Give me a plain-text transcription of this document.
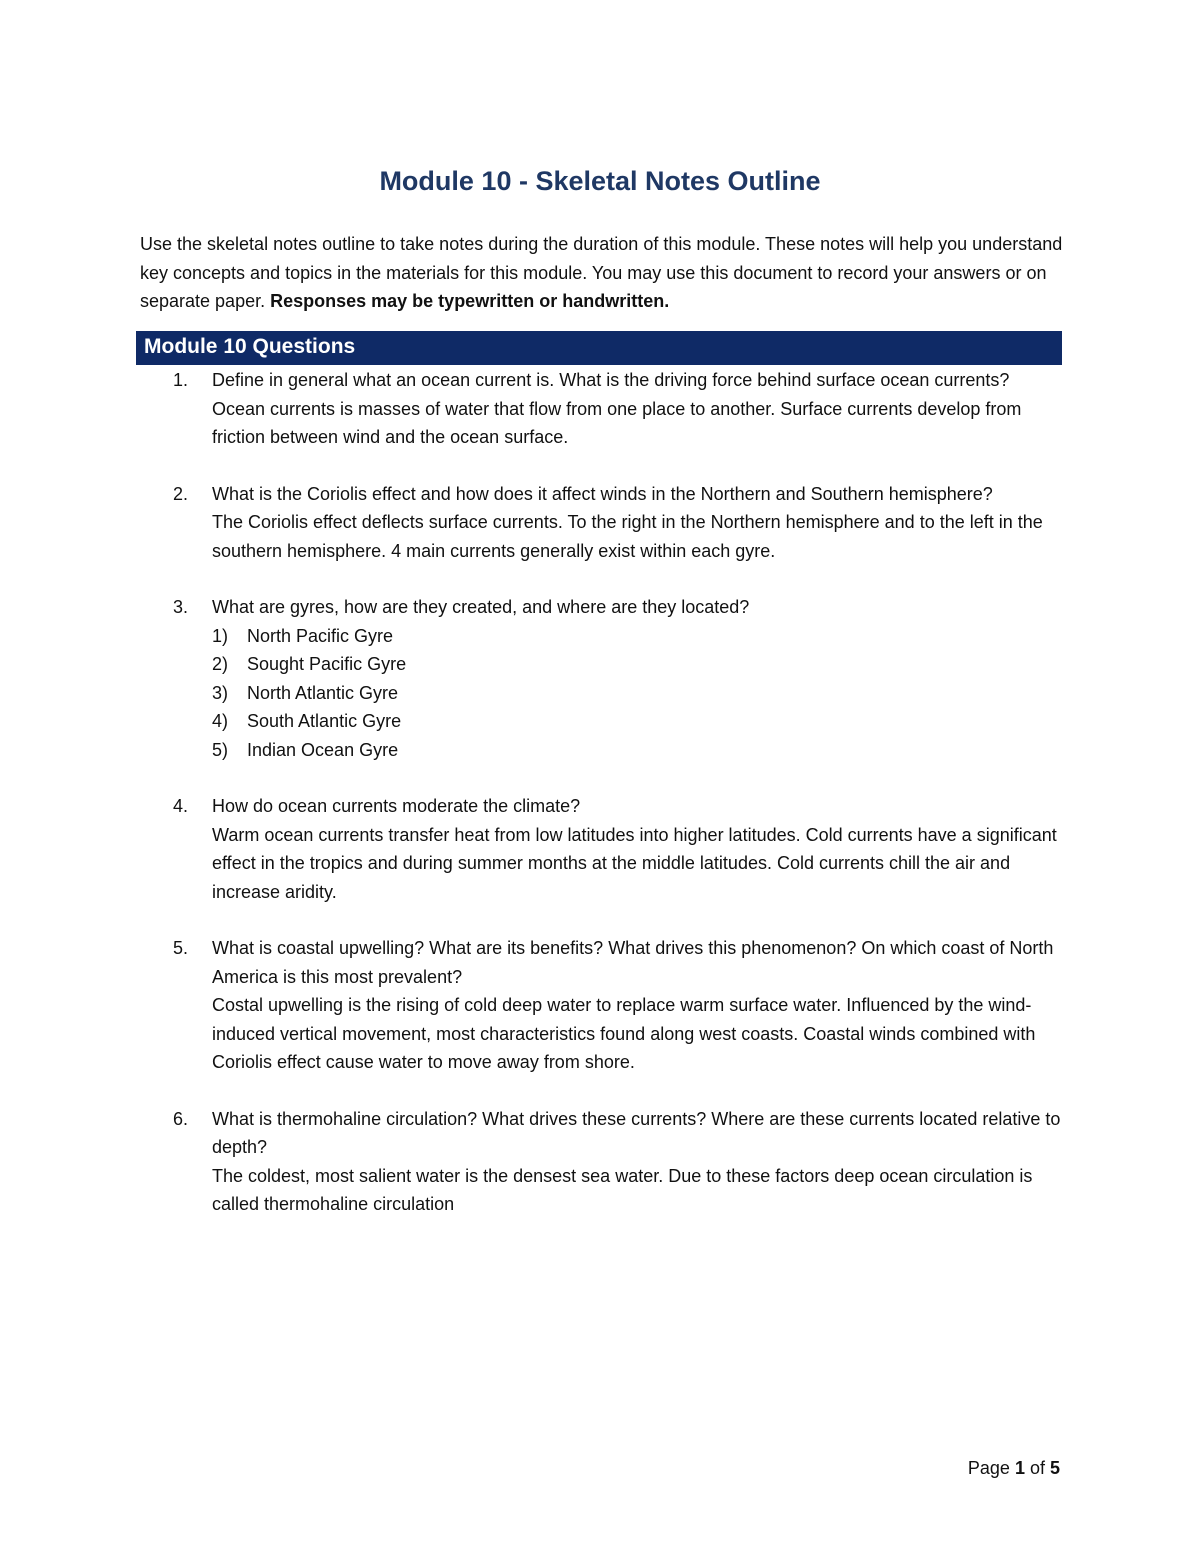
Module 10 - Skeletal Notes Outline
Use the skeletal notes outline to take notes during the duration of this module. These notes will help you understand key concepts and topics in the materials for this module. You may use this document to record your answers or on separate paper. Responses may be typewritten or handwritten.
Module 10 Questions
1. Define in general what an ocean current is. What is the driving force behind surface ocean currents?
Ocean currents is masses of water that flow from one place to another. Surface currents develop from friction between wind and the ocean surface.
2. What is the Coriolis effect and how does it affect winds in the Northern and Southern hemisphere?
The Coriolis effect deflects surface currents. To the right in the Northern hemisphere and to the left in the southern hemisphere. 4 main currents generally exist within each gyre.
3. What are gyres, how are they created, and where are they located?
1) North Pacific Gyre
2) Sought Pacific Gyre
3) North Atlantic Gyre
4) South Atlantic Gyre
5) Indian Ocean Gyre
4. How do ocean currents moderate the climate?
Warm ocean currents transfer heat from low latitudes into higher latitudes. Cold currents have a significant effect in the tropics and during summer months at the middle latitudes. Cold currents chill the air and increase aridity.
5. What is coastal upwelling? What are its benefits? What drives this phenomenon? On which coast of North America is this most prevalent?
Costal upwelling is the rising of cold deep water to replace warm surface water. Influenced by the wind-induced vertical movement, most characteristics found along west coasts. Coastal winds combined with Coriolis effect cause water to move away from shore.
6. What is thermohaline circulation? What drives these currents? Where are these currents located relative to depth?
The coldest, most salient water is the densest sea water. Due to these factors deep ocean circulation is called thermohaline circulation
Page 1 of 5
